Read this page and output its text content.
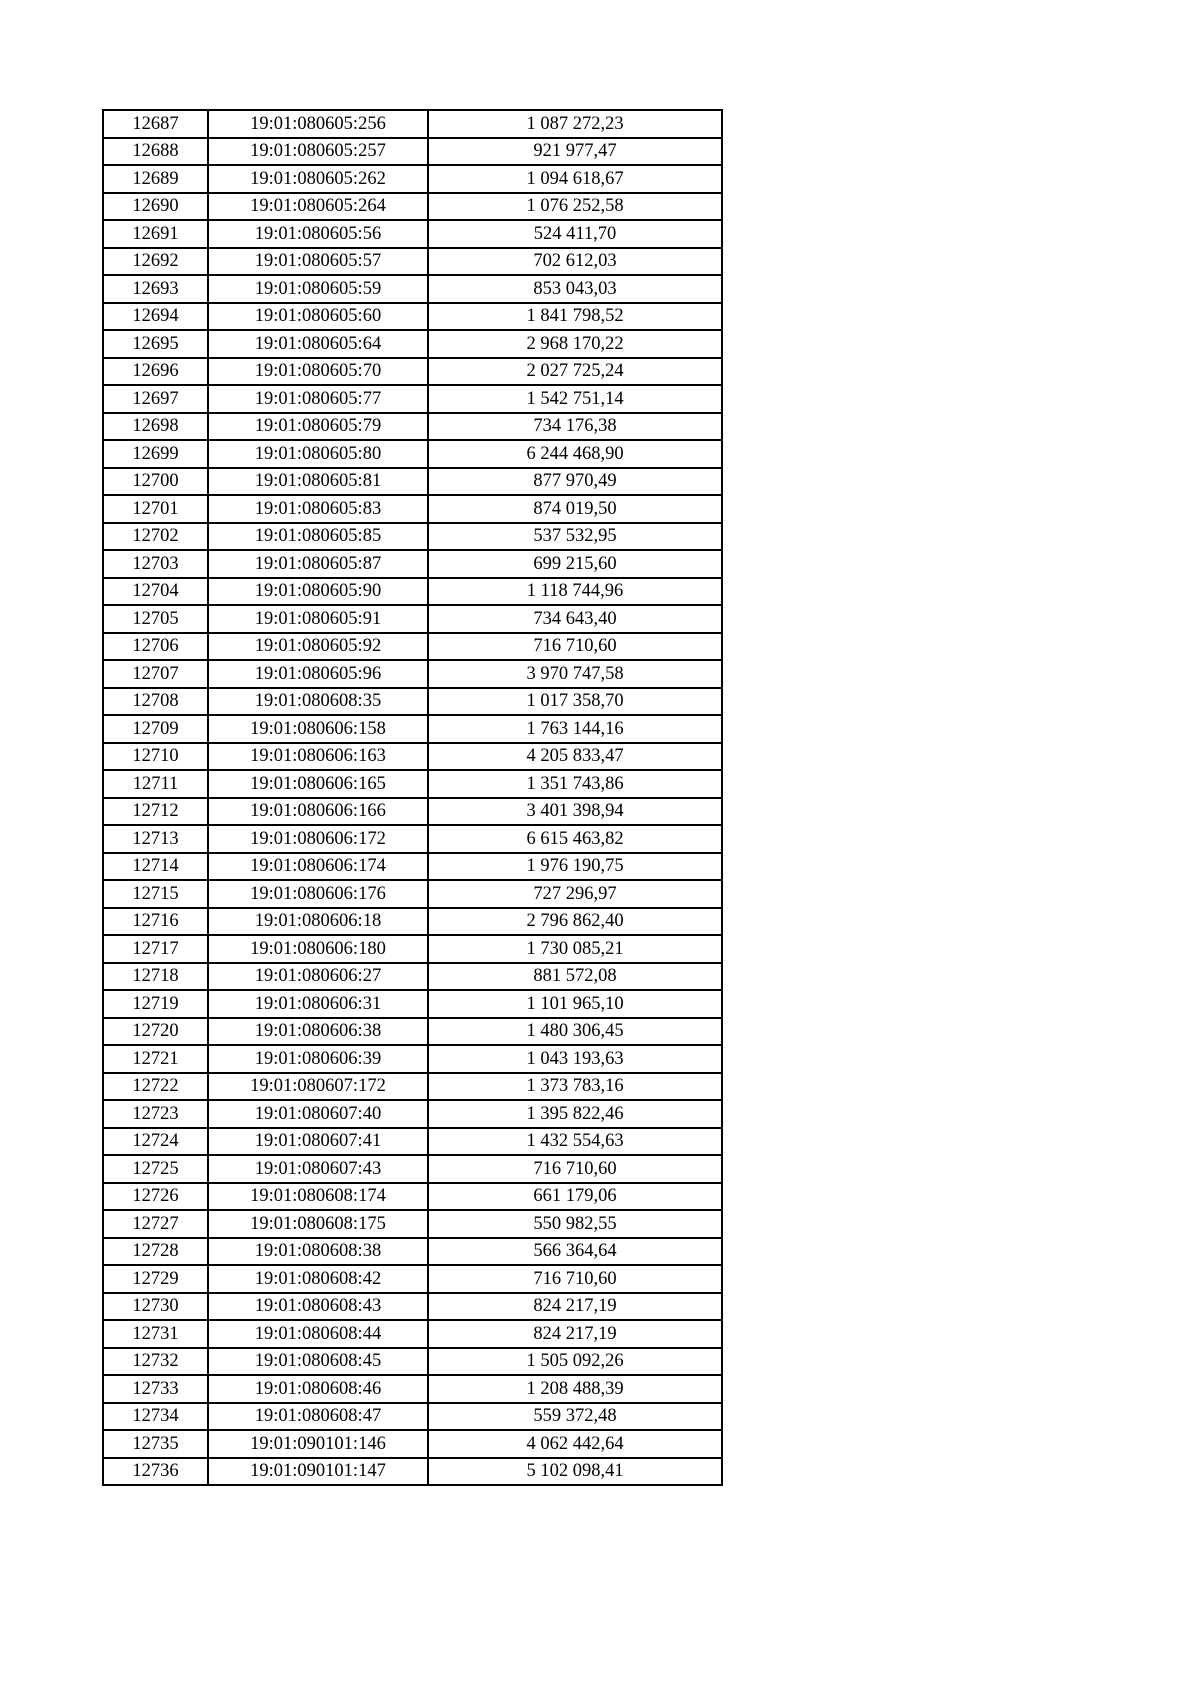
12687	19:01:080605:256	1 087 272,23
12688	19:01:080605:257	921 977,47
12689	19:01:080605:262	1 094 618,67
12690	19:01:080605:264	1 076 252,58
12691	19:01:080605:56	524 411,70
12692	19:01:080605:57	702 612,03
12693	19:01:080605:59	853 043,03
12694	19:01:080605:60	1 841 798,52
12695	19:01:080605:64	2 968 170,22
12696	19:01:080605:70	2 027 725,24
12697	19:01:080605:77	1 542 751,14
12698	19:01:080605:79	734 176,38
12699	19:01:080605:80	6 244 468,90
12700	19:01:080605:81	877 970,49
12701	19:01:080605:83	874 019,50
12702	19:01:080605:85	537 532,95
12703	19:01:080605:87	699 215,60
12704	19:01:080605:90	1 118 744,96
12705	19:01:080605:91	734 643,40
12706	19:01:080605:92	716 710,60
12707	19:01:080605:96	3 970 747,58
12708	19:01:080608:35	1 017 358,70
12709	19:01:080606:158	1 763 144,16
12710	19:01:080606:163	4 205 833,47
12711	19:01:080606:165	1 351 743,86
12712	19:01:080606:166	3 401 398,94
12713	19:01:080606:172	6 615 463,82
12714	19:01:080606:174	1 976 190,75
12715	19:01:080606:176	727 296,97
12716	19:01:080606:18	2 796 862,40
12717	19:01:080606:180	1 730 085,21
12718	19:01:080606:27	881 572,08
12719	19:01:080606:31	1 101 965,10
12720	19:01:080606:38	1 480 306,45
12721	19:01:080606:39	1 043 193,63
12722	19:01:080607:172	1 373 783,16
12723	19:01:080607:40	1 395 822,46
12724	19:01:080607:41	1 432 554,63
12725	19:01:080607:43	716 710,60
12726	19:01:080608:174	661 179,06
12727	19:01:080608:175	550 982,55
12728	19:01:080608:38	566 364,64
12729	19:01:080608:42	716 710,60
12730	19:01:080608:43	824 217,19
12731	19:01:080608:44	824 217,19
12732	19:01:080608:45	1 505 092,26
12733	19:01:080608:46	1 208 488,39
12734	19:01:080608:47	559 372,48
12735	19:01:090101:146	4 062 442,64
12736	19:01:090101:147	5 102 098,41
